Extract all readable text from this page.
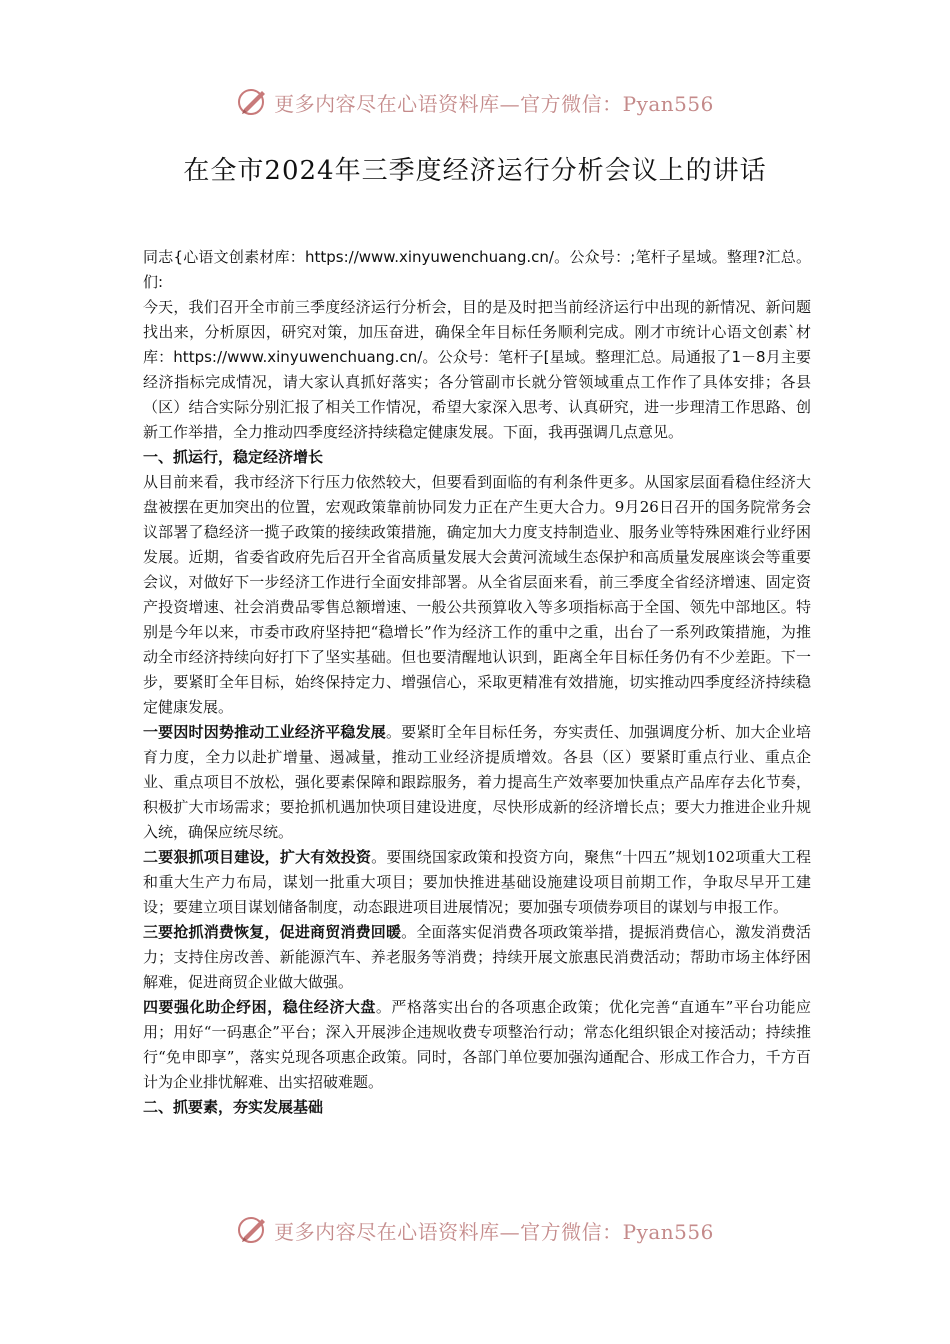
更多内容尽在心语资料库—官方微信：Pyan556
在全市2024年三季度经济运行分析会议上的讲话

同志{心语文创素材库：https://www.xinyuwenchuang.cn/。公众号：;笔杆子星域。整理?汇总。们:

今天，我们召开全市前三季度经济运行分析会，目的是及时把当前经济运行中出现的新情况、新问题找出来，分析原因，研究对策，加压奋进，确保全年目标任务顺利完成。刚才市统计心语文创素`材库：https://www.xinyuwenchuang.cn/。公众号：笔杆子[星域。整理汇总。局通报了1－8月主要经济指标完成情况，请大家认真抓好落实；各分管副市长就分管领域重点工作作了具体安排；各县（区）结合实际分别汇报了相关工作情况，希望大家深入思考、认真研究，进一步理清工作思路、创新工作举措，全力推动四季度经济持续稳定健康发展。下面，我再强调几点意见。

一、抓运行，稳定经济增长

从目前来看，我市经济下行压力依然较大，但要看到面临的有利条件更多。从国家层面看稳住经济大盘被摆在更加突出的位置，宏观政策靠前协同发力正在产生更大合力。9月26日召开的国务院常务会议部署了稳经济一揽子政策的接续政策措施，确定加大力度支持制造业、服务业等特殊困难行业纾困发展。近期，省委省政府先后召开全省高质量发展大会黄河流域生态保护和高质量发展座谈会等重要会议，对做好下一步经济工作进行全面安排部署。从全省层面来看，前三季度全省经济增速、固定资产投资增速、社会消费品零售总额增速、一般公共预算收入等多项指标高于全国、领先中部地区。特别是今年以来，市委市政府坚持把“稳增长”作为经济工作的重中之重，出台了一系列政策措施，为推动全市经济持续向好打下了坚实基础。但也要清醒地认识到，距离全年目标任务仍有不少差距。下一步，要紧盯全年目标，始终保持定力、增强信心，采取更精准有效措施，切实推动四季度经济持续稳定健康发展。

一要因时因势推动工业经济平稳发展。要紧盯全年目标任务，夯实责任、加强调度分析、加大企业培育力度，全力以赴扩增量、遏减量，推动工业经济提质增效。各县（区）要紧盯重点行业、重点企业、重点项目不放松，强化要素保障和跟踪服务，着力提高生产效率要加快重点产品库存去化节奏，积极扩大市场需求；要抢抓机遇加快项目建设进度，尽快形成新的经济增长点；要大力推进企业升规入统，确保应统尽统。

二要狠抓项目建设，扩大有效投资。要围绕国家政策和投资方向，聚焦“十四五”规划102项重大工程和重大生产力布局，谋划一批重大项目；要加快推进基础设施建设项目前期工作，争取尽早开工建设；要建立项目谋划储备制度，动态跟进项目进展情况；要加强专项债券项目的谋划与申报工作。

三要抢抓消费恢复，促进商贸消费回暖。全面落实促消费各项政策举措，提振消费信心，激发消费活力；支持住房改善、新能源汽车、养老服务等消费；持续开展文旅惠民消费活动；帮助市场主体纾困解难，促进商贸企业做大做强。

四要强化助企纾困，稳住经济大盘。严格落实出台的各项惠企政策；优化完善“直通车”平台功能应用；用好“一码惠企”平台；深入开展涉企违规收费专项整治行动；常态化组织银企对接活动；持续推行“免申即享”，落实兑现各项惠企政策。同时，各部门单位要加强沟通配合、形成工作合力，千方百计为企业排忧解难、出实招破难题。

二、抓要素，夯实发展基础

更多内容尽在心语资料库—官方微信：Pyan556
